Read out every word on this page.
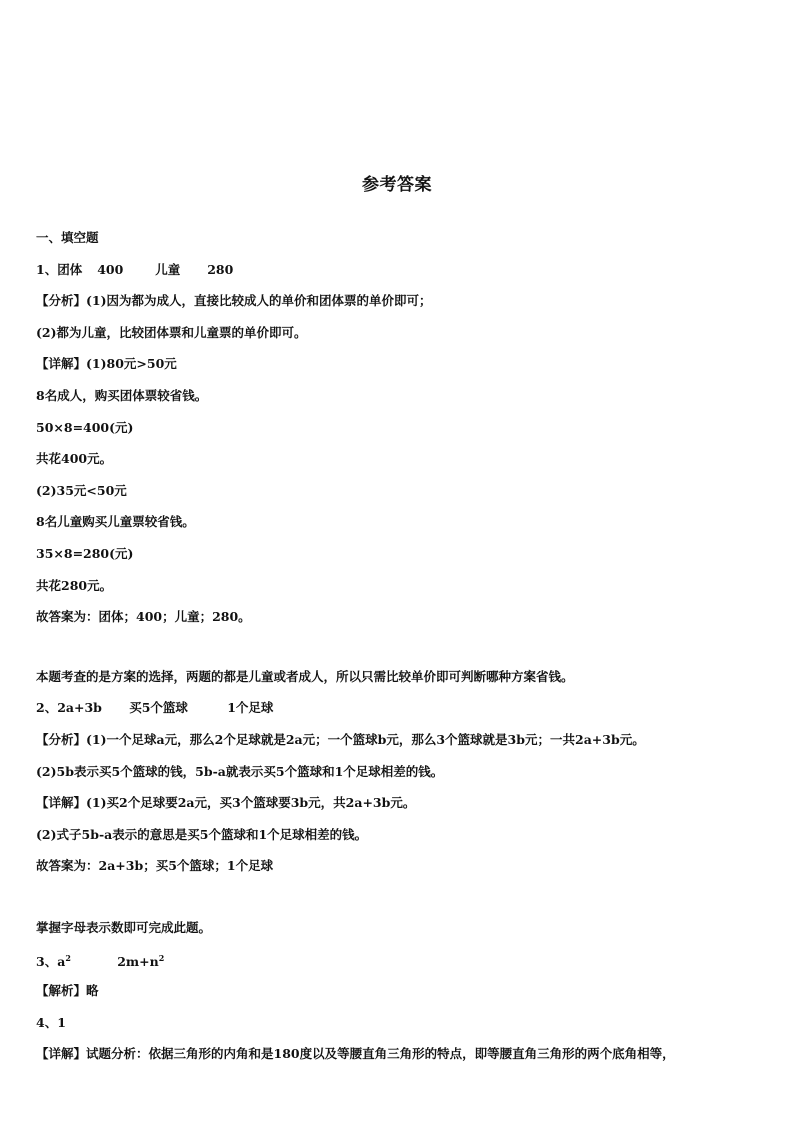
参考答案
一、填空题
1、团体 400	儿童 280
【分析】(1)因为都为成人，直接比较成人的单价和团体票的单价即可；
(2)都为儿童，比较团体票和儿童票的单价即可。
【详解】(1)80元>50元
8名成人，购买团体票较省钱。
50×8=400(元)
共花400元。
(2)35元<50元
8名儿童购买儿童票较省钱。
35×8=280(元)
共花280元。
故答案为：团体；400；儿童；280。
本题考查的是方案的选择，两题的都是儿童或者成人，所以只需比较单价即可判断哪种方案省钱。
2、2a+3b 买5个篮球	1个足球
【分析】(1)一个足球a元，那么2个足球就是2a元；一个篮球b元，那么3个篮球就是3b元；一共2a+3b元。
(2)5b表示买5个篮球的钱，5b-a就表示买5个篮球和1个足球相差的钱。
【详解】(1)买2个足球要2a元，买3个篮球要3b元，共2a+3b元。
(2)式子5b-a表示的意思是买5个篮球和1个足球相差的钱。
故答案为：2a+3b；买5个篮球；1个足球
掌握字母表示数即可完成此题。
3、$a^2$	$2m+n^2$
【解析】略
4、1
【详解】试题分析：依据三角形的内角和是180度以及等腰直角三角形的特点，即等腰直角三角形的两个底角相等，
